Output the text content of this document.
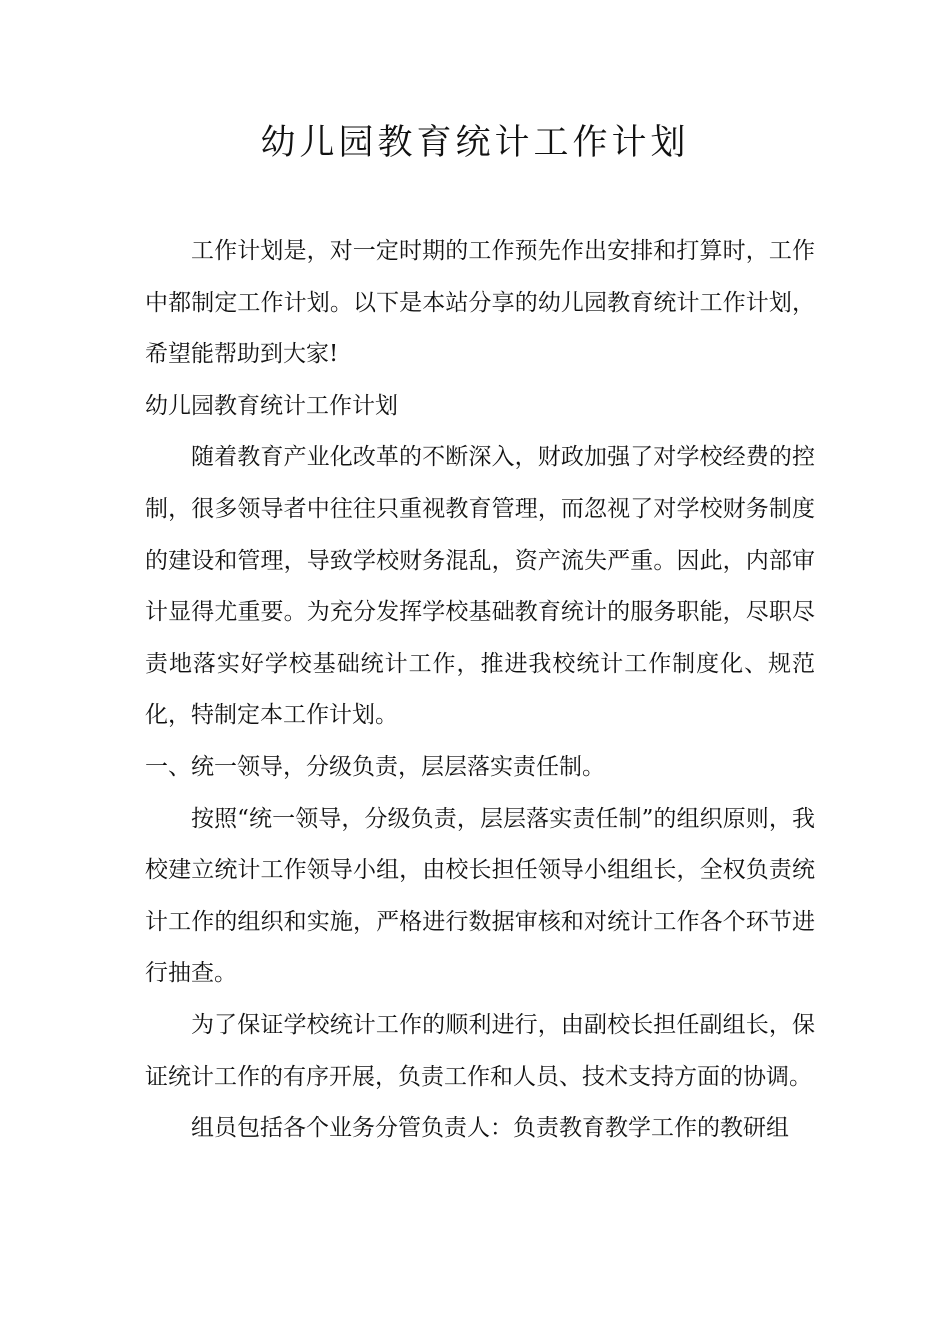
幼儿园教育统计工作计划

工作计划是，对一定时期的工作预先作出安排和打算时，工作中都制定工作计划。以下是本站分享的幼儿园教育统计工作计划，希望能帮助到大家!

幼儿园教育统计工作计划

随着教育产业化改革的不断深入，财政加强了对学校经费的控制，很多领导者中往往只重视教育管理，而忽视了对学校财务制度的建设和管理，导致学校财务混乱，资产流失严重。因此，内部审计显得尤重要。为充分发挥学校基础教育统计的服务职能，尽职尽责地落实好学校基础统计工作，推进我校统计工作制度化、规范化，特制定本工作计划。

一、统一领导，分级负责，层层落实责任制。

按照“统一领导，分级负责，层层落实责任制”的组织原则，我校建立统计工作领导小组，由校长担任领导小组组长，全权负责统计工作的组织和实施，严格进行数据审核和对统计工作各个环节进行抽查。

为了保证学校统计工作的顺利进行，由副校长担任副组长，保证统计工作的有序开展，负责工作和人员、技术支持方面的协调。

组员包括各个业务分管负责人：负责教育教学工作的教研组
